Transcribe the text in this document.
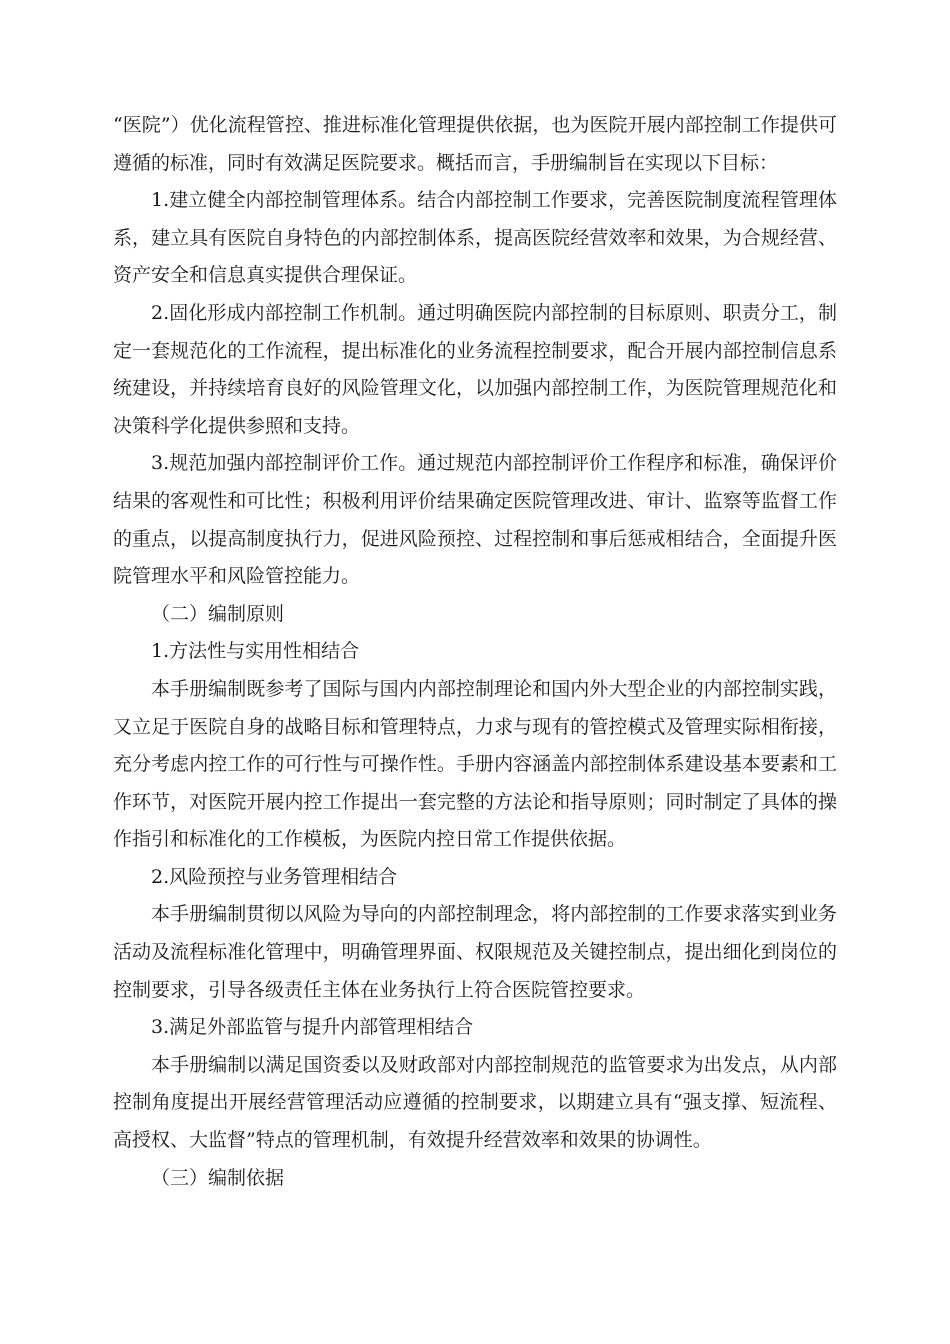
“医院”）优化流程管控、推进标准化管理提供依据，也为医院开展内部控制工作提供可遵循的标准，同时有效满足医院要求。概括而言，手册编制旨在实现以下目标：

1.建立健全内部控制管理体系。结合内部控制工作要求，完善医院制度流程管理体系，建立具有医院自身特色的内部控制体系，提高医院经营效率和效果，为合规经营、资产安全和信息真实提供合理保证。

2.固化形成内部控制工作机制。通过明确医院内部控制的目标原则、职责分工，制定一套规范化的工作流程，提出标准化的业务流程控制要求，配合开展内部控制信息系统建设，并持续培育良好的风险管理文化，以加强内部控制工作，为医院管理规范化和决策科学化提供参照和支持。

3.规范加强内部控制评价工作。通过规范内部控制评价工作程序和标准，确保评价结果的客观性和可比性；积极利用评价结果确定医院管理改进、审计、监察等监督工作的重点，以提高制度执行力，促进风险预控、过程控制和事后惩戒相结合，全面提升医院管理水平和风险管控能力。

（二）编制原则

1.方法性与实用性相结合

本手册编制既参考了国际与国内内部控制理论和国内外大型企业的内部控制实践，又立足于医院自身的战略目标和管理特点，力求与现有的管控模式及管理实际相衔接，充分考虑内控工作的可行性与可操作性。手册内容涵盖内部控制体系建设基本要素和工作环节，对医院开展内控工作提出一套完整的方法论和指导原则；同时制定了具体的操作指引和标准化的工作模板，为医院内控日常工作提供依据。

2.风险预控与业务管理相结合

本手册编制贯彻以风险为导向的内部控制理念，将内部控制的工作要求落实到业务活动及流程标准化管理中，明确管理界面、权限规范及关键控制点，提出细化到岗位的控制要求，引导各级责任主体在业务执行上符合医院管控要求。

3.满足外部监管与提升内部管理相结合

本手册编制以满足国资委以及财政部对内部控制规范的监管要求为出发点，从内部控制角度提出开展经营管理活动应遵循的控制要求，以期建立具有“强支撑、短流程、高授权、大监督”特点的管理机制，有效提升经营效率和效果的协调性。

（三）编制依据
